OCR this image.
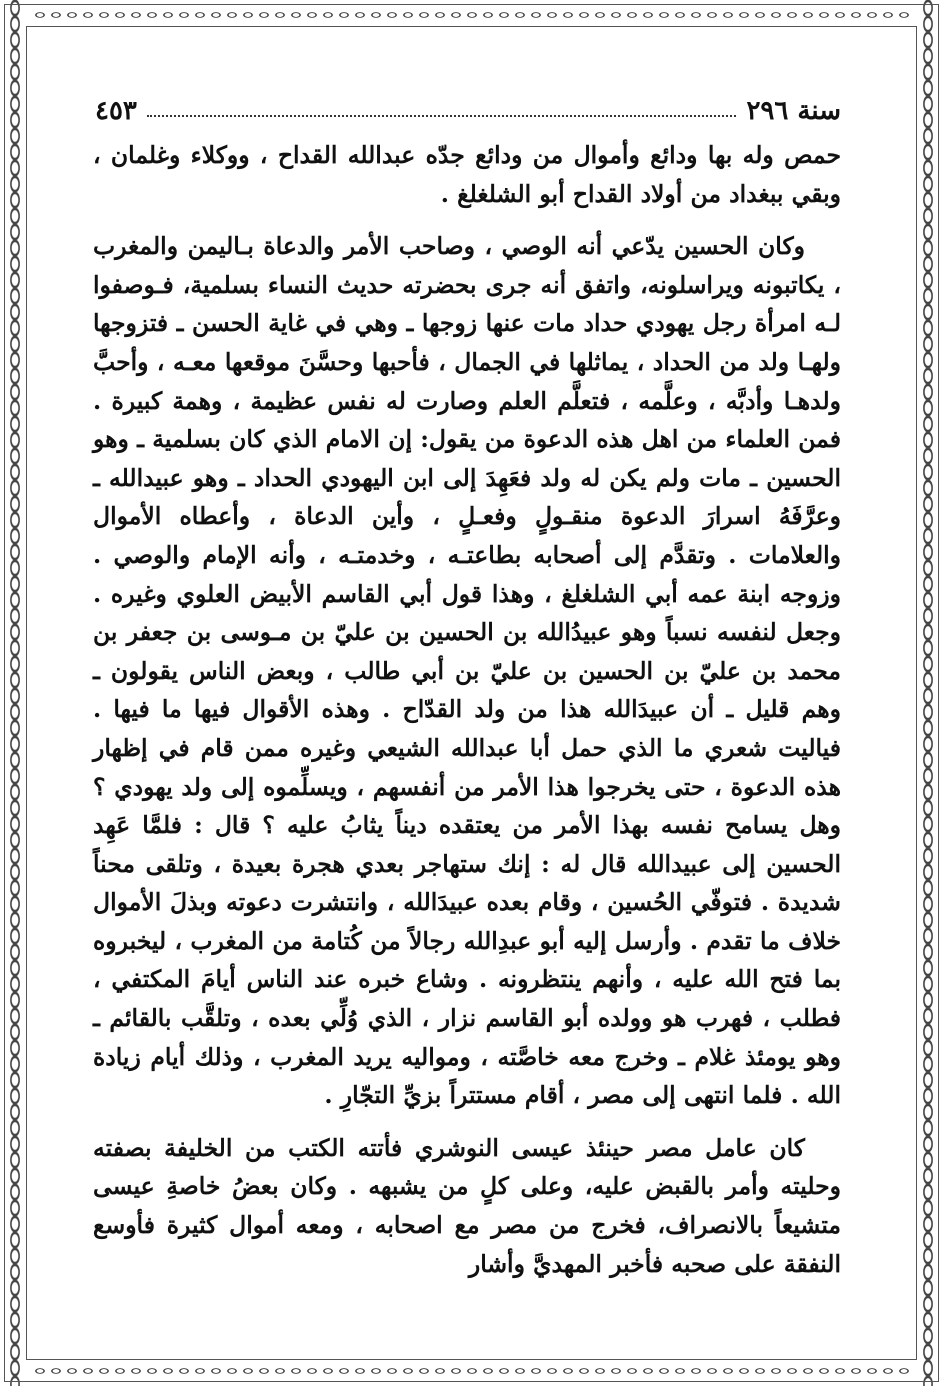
٤٥٣	سنة ٢٩٦

حمص وله بها ودائع وأموال من ودائع جدّه عبدالله القداح ، ووكلاء وغلمان ، وبقي ببغداد من أولاد القداح أبو الشلغلغ .

وكان الحسين يدّعي أنه الوصي ، وصاحب الأمر والدعاة بـاليمن والمغرب ، يكاتبونه ويراسلونه، واتفق أنه جرى بحضرته حديث النساء بسلمية، فـوصفوا لـه امرأة رجل يهودي حداد مات عنها زوجها ـ وهي في غاية الحسن ـ فتزوجها ولهـا ولد من الحداد ، يماثلها في الجمال ، فأحبها وحسَّنَ موقعها معـه ، وأحبَّ ولدهـا وأدبَّه ، وعلَّمه ، فتعلَّم العلم وصارت له نفس عظيمة ، وهمة كبيرة . فمن العلماء من اهل هذه الدعوة من يقول: إن الامام الذي كان بسلمية ـ وهو الحسين ـ مات ولم يكن له ولد فعَهِدَ إلى ابن اليهودي الحداد ـ وهو عبيدالله ـ وعرَّفَهُ اسرارَ الدعوة منقـولٍ وفعـلٍ ، وأين الدعاة ، وأعطاه الأموال والعلامات . وتقدَّم إلى أصحابه بطاعتـه ، وخدمتـه ، وأنه الإمام والوصي . وزوجه ابنة عمه أبي الشلغلغ ، وهذا قول أبي القاسم الأبيض العلوي وغيره . وجعل لنفسه نسباً وهو عبيدُالله بن الحسين بن عليّ بن مـوسى بن جعفر بن محمد بن عليّ بن الحسين بن عليّ بن أبي طالب ، وبعض الناس يقولون ـ وهم قليل ـ أن عبيدَالله هذا من ولد القدّاح . وهذه الأقوال فيها ما فيها . فياليت شعري ما الذي حمل أبا عبدالله الشيعي وغيره ممن قام في إظهار هذه الدعوة ، حتى يخرجوا هذا الأمر من أنفسهم ، ويسلِّموه إلى ولد يهودي ؟ وهل يسامح نفسه بهذا الأمر من يعتقده ديناً يثابُ عليه ؟ قال : فلمَّا عَهِد الحسين إلى عبيدالله قال له : إنك ستهاجر بعدي هجرة بعيدة ، وتلقى محناً شديدة . فتوفّي الحُسين ، وقام بعده عبيدَالله ، وانتشرت دعوته وبذلَ الأموال خلاف ما تقدم . وأرسل إليه أبو عبدِالله رجالاً من كُتامة من المغرب ، ليخبروه بما فتح الله عليه ، وأنهم ينتظرونه . وشاع خبره عند الناس أيامَ المكتفي ، فطلب ، فهرب هو وولده أبو القاسم نزار ، الذي وُلِّي بعده ، وتلقَّب بالقائم ـ وهو يومئذ غلام ـ وخرج معه خاصَّته ، ومواليه يريد المغرب ، وذلك أيام زيادة الله . فلما انتهى إلى مصر ، أقام مستتراً بزيِّ التجّارِ .

كان عامل مصر حينئذ عيسى النوشري فأتته الكتب من الخليفة بصفته وحليته وأمر بالقبض عليه، وعلى كلٍ من يشبهه . وكان بعضُ خاصةِ عيسى متشيعاً بالانصراف، فخرج من مصر مع اصحابه ، ومعه أموال كثيرة فأوسع النفقة على صحبه فأخبر المهديَّ وأشار
